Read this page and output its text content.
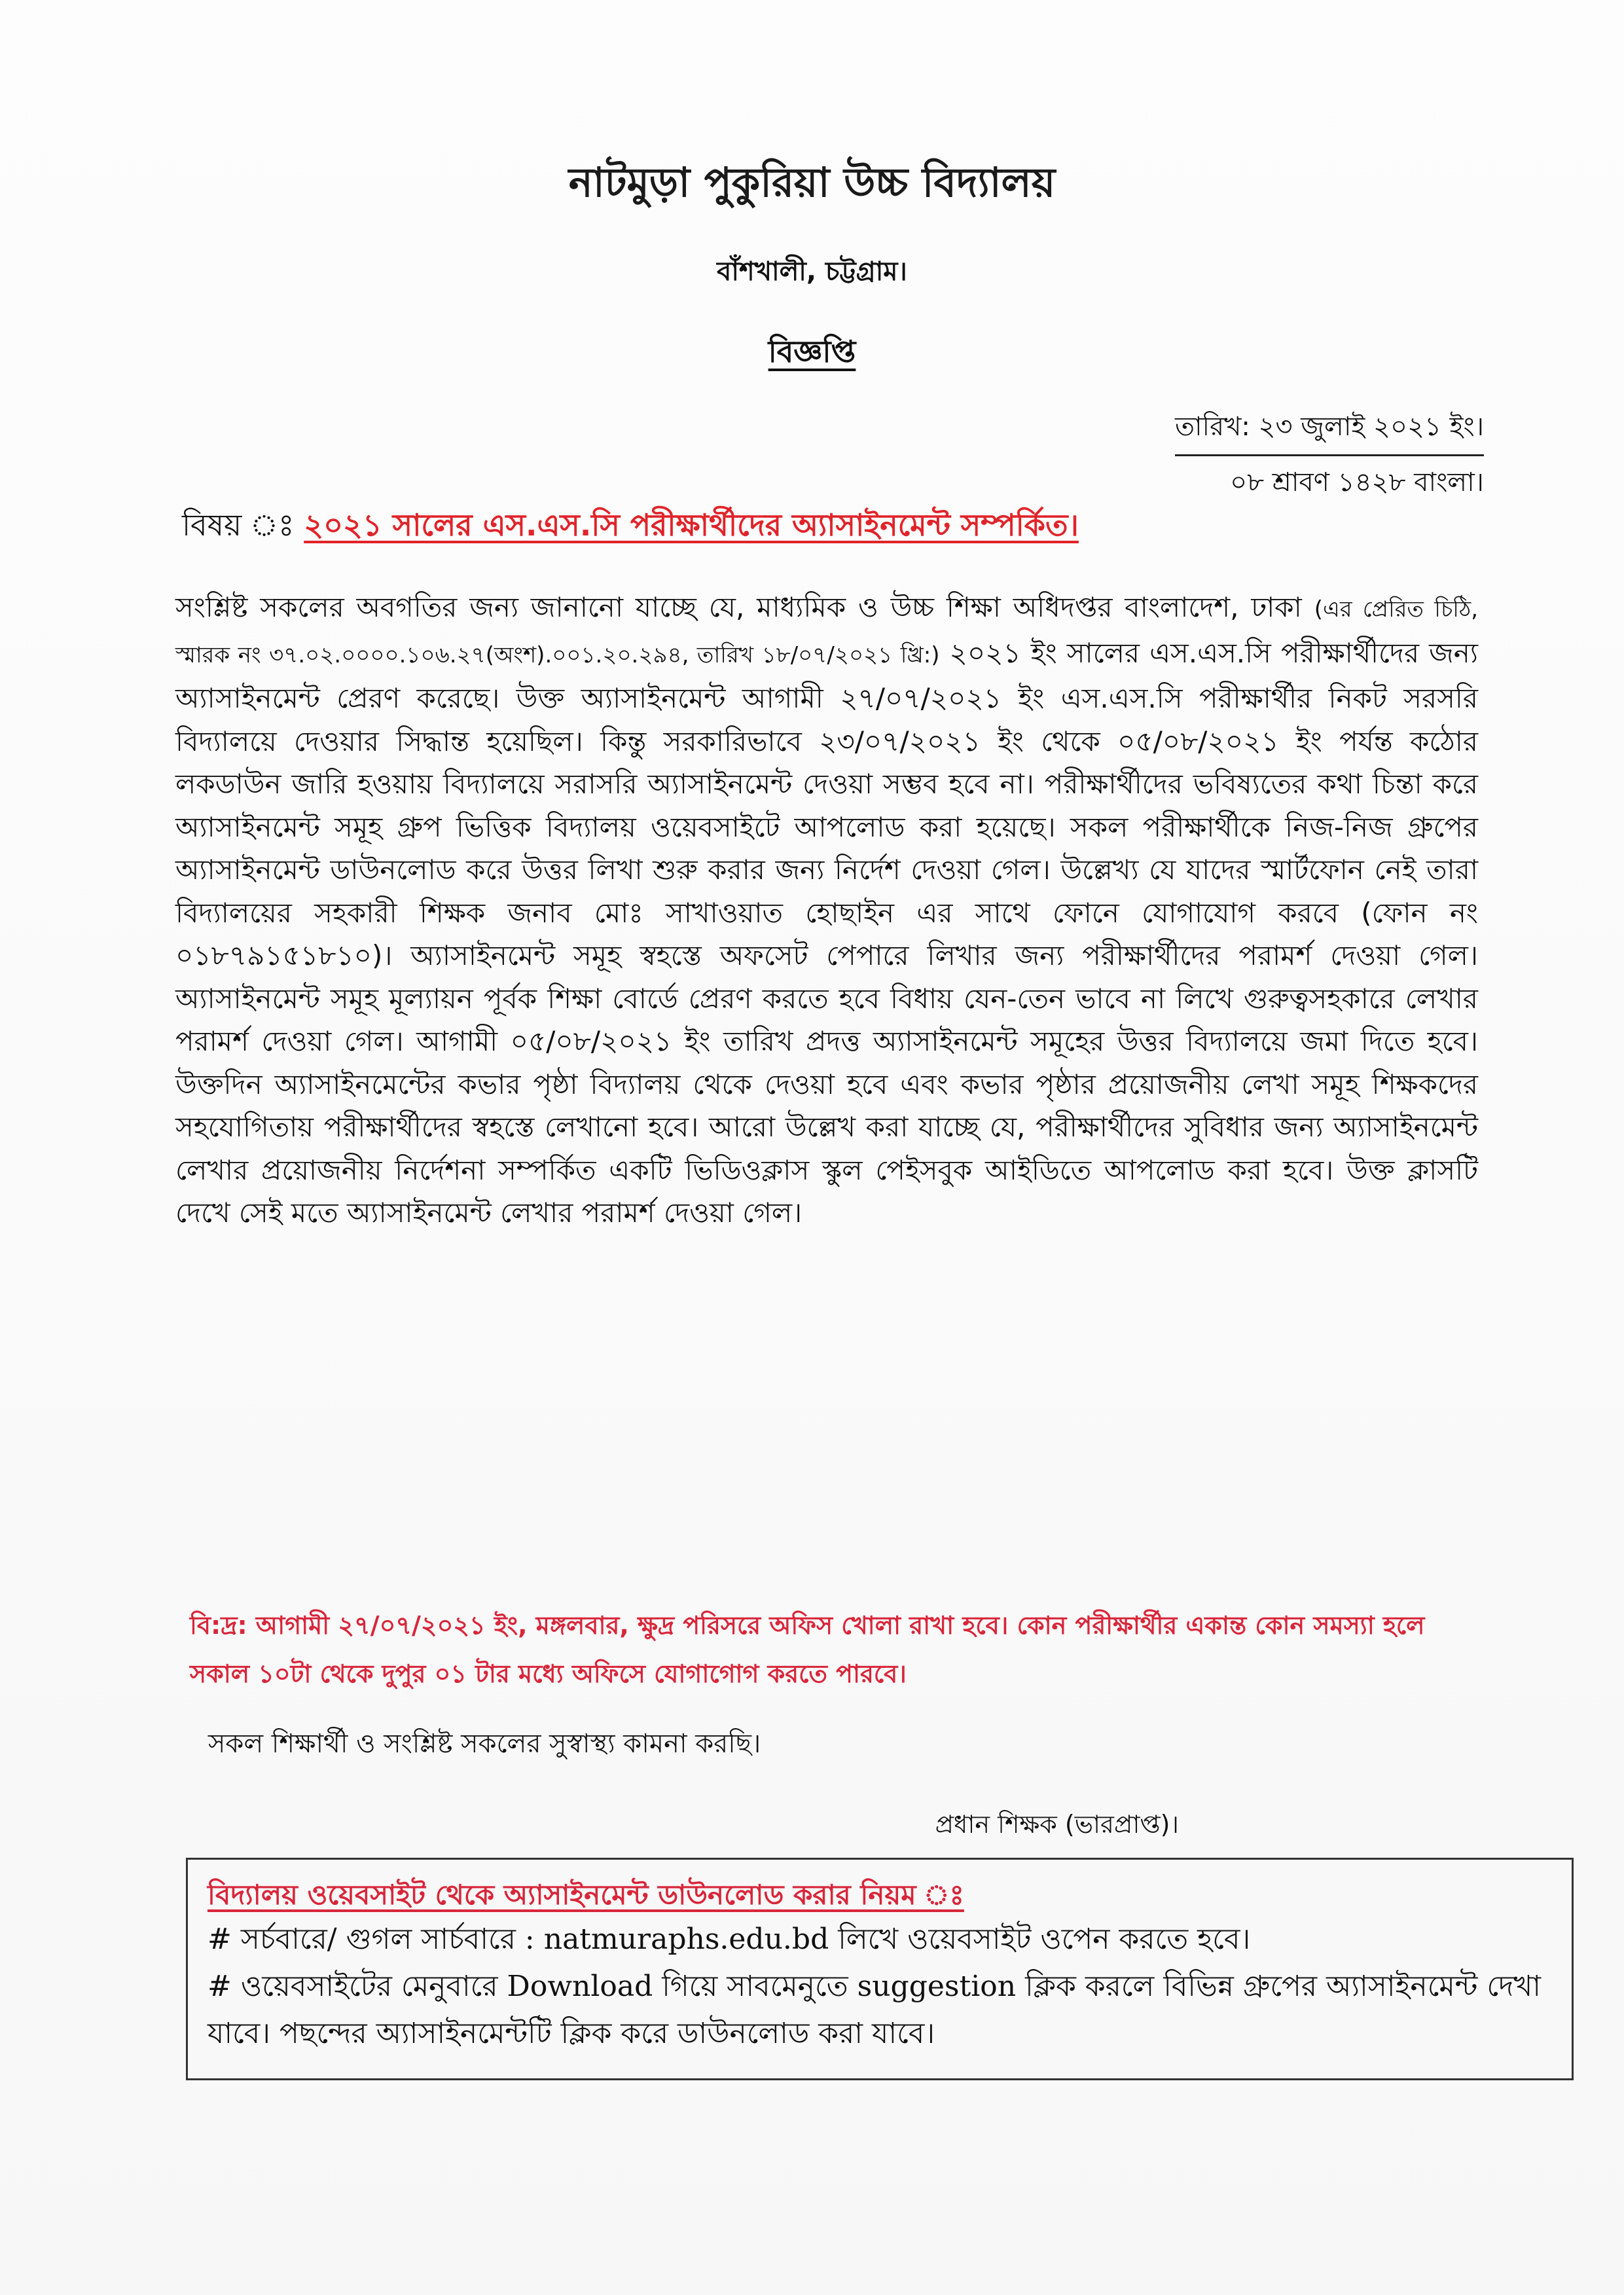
নাটমুড়া পুকুরিয়া উচ্চ বিদ্যালয়
বাঁশখালী, চট্টগ্রাম।
বিজ্ঞপ্তি
তারিখ: ২৩ জুলাই ২০২১ ইং।
০৮ শ্রাবণ ১৪২৮ বাংলা।
বিষয় ঃ ২০২১ সালের এস.এস.সি পরীক্ষার্থীদের অ্যাসাইনমেন্ট সম্পর্কিত।
সংশ্লিষ্ট সকলের অবগতির জন্য জানানো যাচ্ছে যে, মাধ্যমিক ও উচ্চ শিক্ষা অধিদপ্তর বাংলাদেশ, ঢাকা (এর প্রেরিত চিঠি, স্মারক নং ৩৭.০২.০০০০.১০৬.২৭(অংশ).০০১.২০.২৯৪, তারিখ ১৮/০৭/২০২১ খ্রি:) ২০২১ ইং সালের এস.এস.সি পরীক্ষার্থীদের জন্য অ্যাসাইনমেন্ট প্রেরণ করেছে। উক্ত অ্যাসাইনমেন্ট আগামী ২৭/০৭/২০২১ ইং এস.এস.সি পরীক্ষার্থীর নিকট সরসরি বিদ্যালয়ে দেওয়ার সিদ্ধান্ত হয়েছিল। কিন্তু সরকারিভাবে ২৩/০৭/২০২১ ইং থেকে ০৫/০৮/২০২১ ইং পর্যন্ত কঠোর লকডাউন জারি হওয়ায় বিদ্যালয়ে সরাসরি অ্যাসাইনমেন্ট দেওয়া সম্ভব হবে না। পরীক্ষার্থীদের ভবিষ্যতের কথা চিন্তা করে অ্যাসাইনমেন্ট সমূহ গ্রুপ ভিত্তিক বিদ্যালয় ওয়েবসাইটে আপলোড করা হয়েছে। সকল পরীক্ষার্থীকে নিজ-নিজ গ্রুপের অ্যাসাইনমেন্ট ডাউনলোড করে উত্তর লিখা শুরু করার জন্য নির্দেশ দেওয়া গেল। উল্লেখ্য যে যাদের স্মার্টফোন নেই তারা বিদ্যালয়ের সহকারী শিক্ষক জনাব মোঃ সাখাওয়াত হোছাইন এর সাথে ফোনে যোগাযোগ করবে (ফোন নং ০১৮৭৯১৫১৮১০)। অ্যাসাইনমেন্ট সমূহ স্বহস্তে অফসেট পেপারে লিখার জন্য পরীক্ষার্থীদের পরামর্শ দেওয়া গেল। অ্যাসাইনমেন্ট সমূহ মূল্যায়ন পূর্বক শিক্ষা বোর্ডে প্রেরণ করতে হবে বিধায় যেন-তেন ভাবে না লিখে গুরুত্বসহকারে লেখার পরামর্শ দেওয়া গেল। আগামী ০৫/০৮/২০২১ ইং তারিখ প্রদত্ত অ্যাসাইনমেন্ট সমূহের উত্তর বিদ্যালয়ে জমা দিতে হবে। উক্তদিন অ্যাসাইনমেন্টের কভার পৃষ্ঠা বিদ্যালয় থেকে দেওয়া হবে এবং কভার পৃষ্ঠার প্রয়োজনীয় লেখা সমূহ শিক্ষকদের সহযোগিতায় পরীক্ষার্থীদের স্বহস্তে লেখানো হবে। আরো উল্লেখ করা যাচ্ছে যে, পরীক্ষার্থীদের সুবিধার জন্য অ্যাসাইনমেন্ট লেখার প্রয়োজনীয় নির্দেশনা সম্পর্কিত একটি ভিডিওক্লাস স্কুল পেইসবুক আইডিতে আপলোড করা হবে। উক্ত ক্লাসটি দেখে সেই মতে অ্যাসাইনমেন্ট লেখার পরামর্শ দেওয়া গেল।
বি:দ্র: আগামী ২৭/০৭/২০২১ ইং, মঙ্গলবার, ক্ষুদ্র পরিসরে অফিস খোলা রাখা হবে। কোন পরীক্ষার্থীর একান্ত কোন সমস্যা হলে সকাল ১০টা থেকে দুপুর ০১ টার মধ্যে অফিসে যোগাগোগ করতে পারবে।
সকল শিক্ষার্থী ও সংশ্লিষ্ট সকলের সুস্বাস্থ্য কামনা করছি।
প্রধান শিক্ষক (ভারপ্রাপ্ত)।
বিদ্যালয় ওয়েবসাইট থেকে অ্যাসাইনমেন্ট ডাউনলোড করার নিয়ম ঃ
# সর্চবারে/ গুগল সার্চবারে : natmuraphs.edu.bd লিখে ওয়েবসাইট ওপেন করতে হবে।
# ওয়েবসাইটের মেনুবারে Download গিয়ে সাবমেনুতে suggestion ক্লিক করলে বিভিন্ন গ্রুপের অ্যাসাইনমেন্ট দেখা যাবে। পছন্দের অ্যাসাইনমেন্টটি ক্লিক করে ডাউনলোড করা যাবে।
